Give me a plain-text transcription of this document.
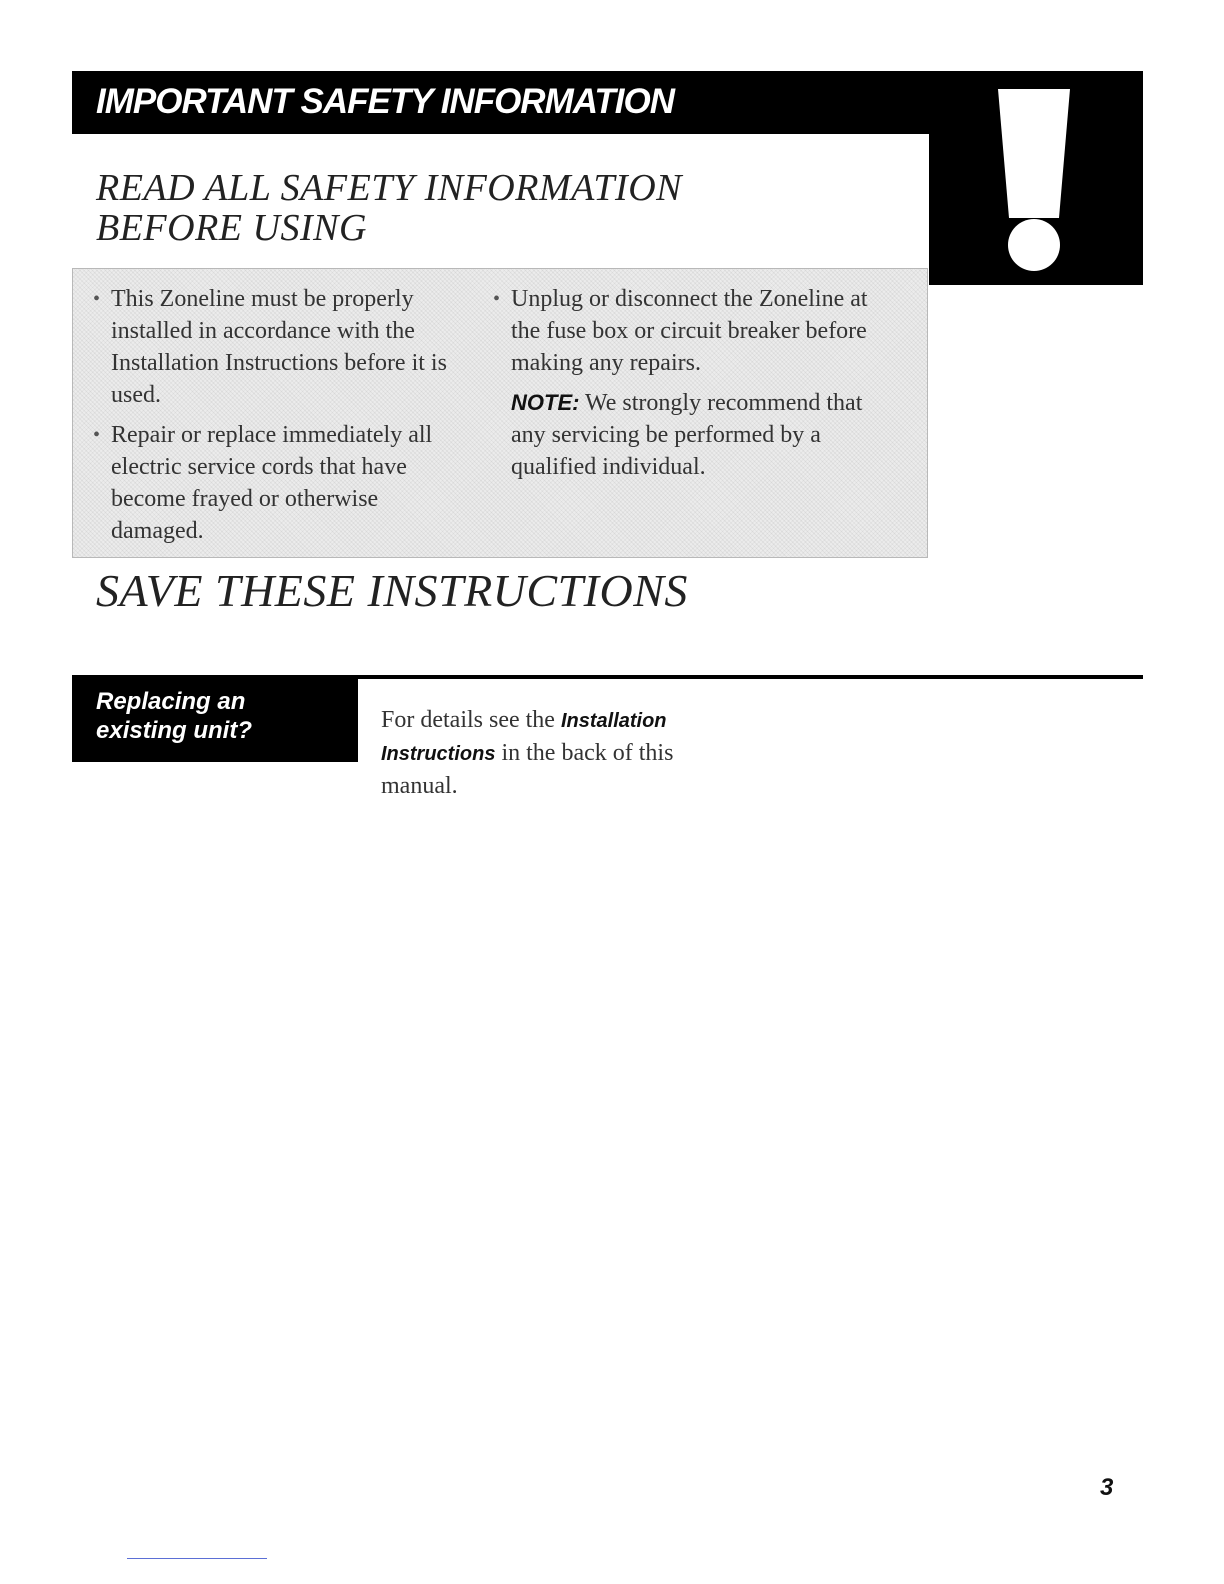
IMPORTANT SAFETY INFORMATION
READ ALL SAFETY INFORMATION
BEFORE USING

• This Zoneline must be properly installed in accordance with the Installation Instructions before it is used.

• Repair or replace immediately all electric service cords that have become frayed or otherwise damaged.

• Unplug or disconnect the Zoneline at the fuse box or circuit breaker before making any repairs.

NOTE: We strongly recommend that any servicing be performed by a qualified individual.

SAVE THESE INSTRUCTIONS
Replacing an
existing unit?	For details see the Installation Instructions in the back of this manual.

3
